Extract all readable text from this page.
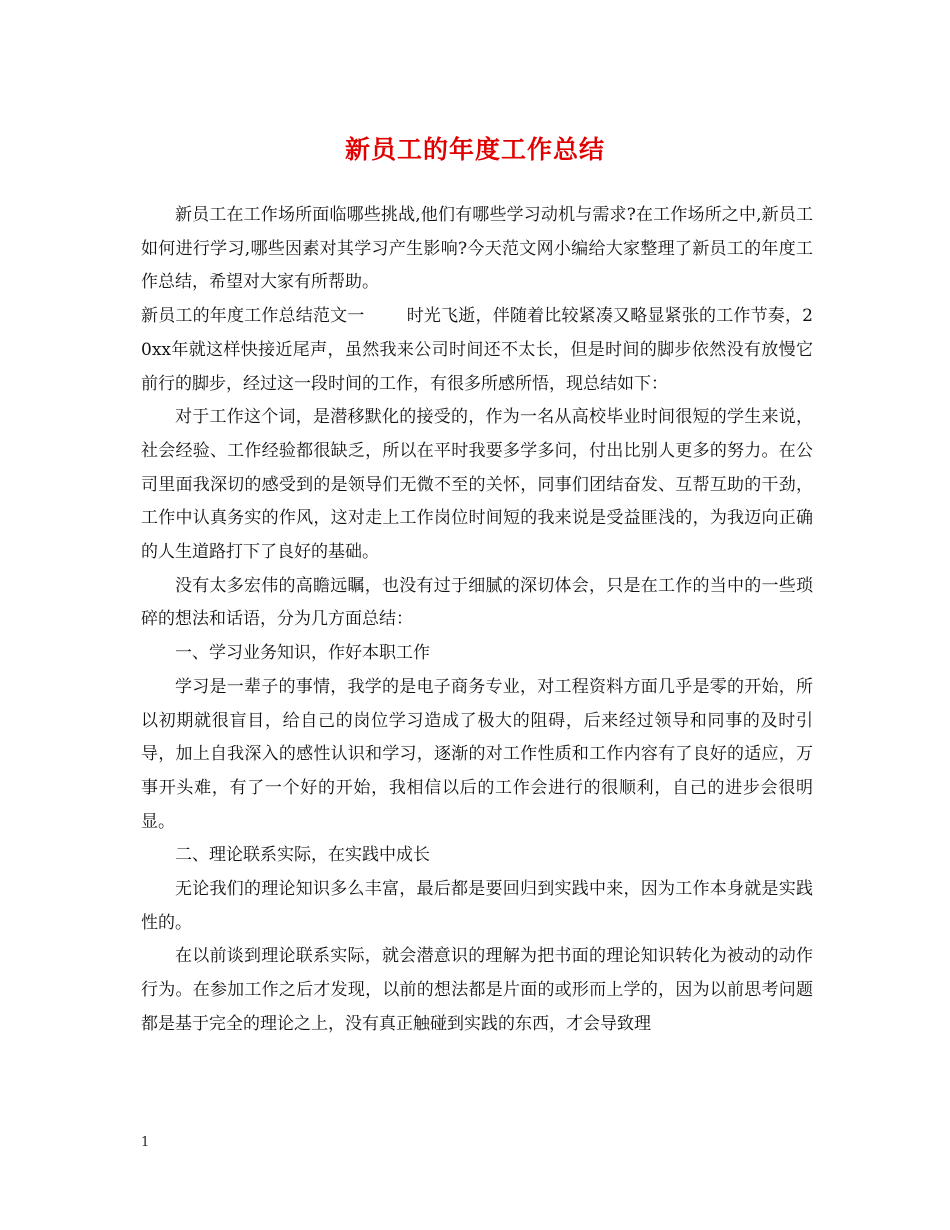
新员工的年度工作总结

新员工在工作场所面临哪些挑战,他们有哪些学习动机与需求?在工作场所之中,新员工如何进行学习,哪些因素对其学习产生影响?今天范文网小编给大家整理了新员工的年度工作总结，希望对大家有所帮助。

新员工的年度工作总结范文一 时光飞逝，伴随着比较紧凑又略显紧张的工作节奏，20xx年就这样快接近尾声，虽然我来公司时间还不太长，但是时间的脚步依然没有放慢它前行的脚步，经过这一段时间的工作，有很多所感所悟，现总结如下：

对于工作这个词，是潜移默化的接受的，作为一名从高校毕业时间很短的学生来说，社会经验、工作经验都很缺乏，所以在平时我要多学多问，付出比别人更多的努力。在公司里面我深切的感受到的是领导们无微不至的关怀，同事们团结奋发、互帮互助的干劲，工作中认真务实的作风，这对走上工作岗位时间短的我来说是受益匪浅的，为我迈向正确的人生道路打下了良好的基础。

没有太多宏伟的高瞻远瞩，也没有过于细腻的深切体会，只是在工作的当中的一些琐碎的想法和话语，分为几方面总结：

一、学习业务知识，作好本职工作

学习是一辈子的事情，我学的是电子商务专业，对工程资料方面几乎是零的开始，所以初期就很盲目，给自己的岗位学习造成了极大的阻碍，后来经过领导和同事的及时引导，加上自我深入的感性认识和学习，逐渐的对工作性质和工作内容有了良好的适应，万事开头难，有了一个好的开始，我相信以后的工作会进行的很顺利，自己的进步会很明显。

二、理论联系实际，在实践中成长

无论我们的理论知识多么丰富，最后都是要回归到实践中来，因为工作本身就是实践性的。

在以前谈到理论联系实际，就会潜意识的理解为把书面的理论知识转化为被动的动作行为。在参加工作之后才发现，以前的想法都是片面的或形而上学的，因为以前思考问题都是基于完全的理论之上，没有真正触碰到实践的东西，才会导致理

1
